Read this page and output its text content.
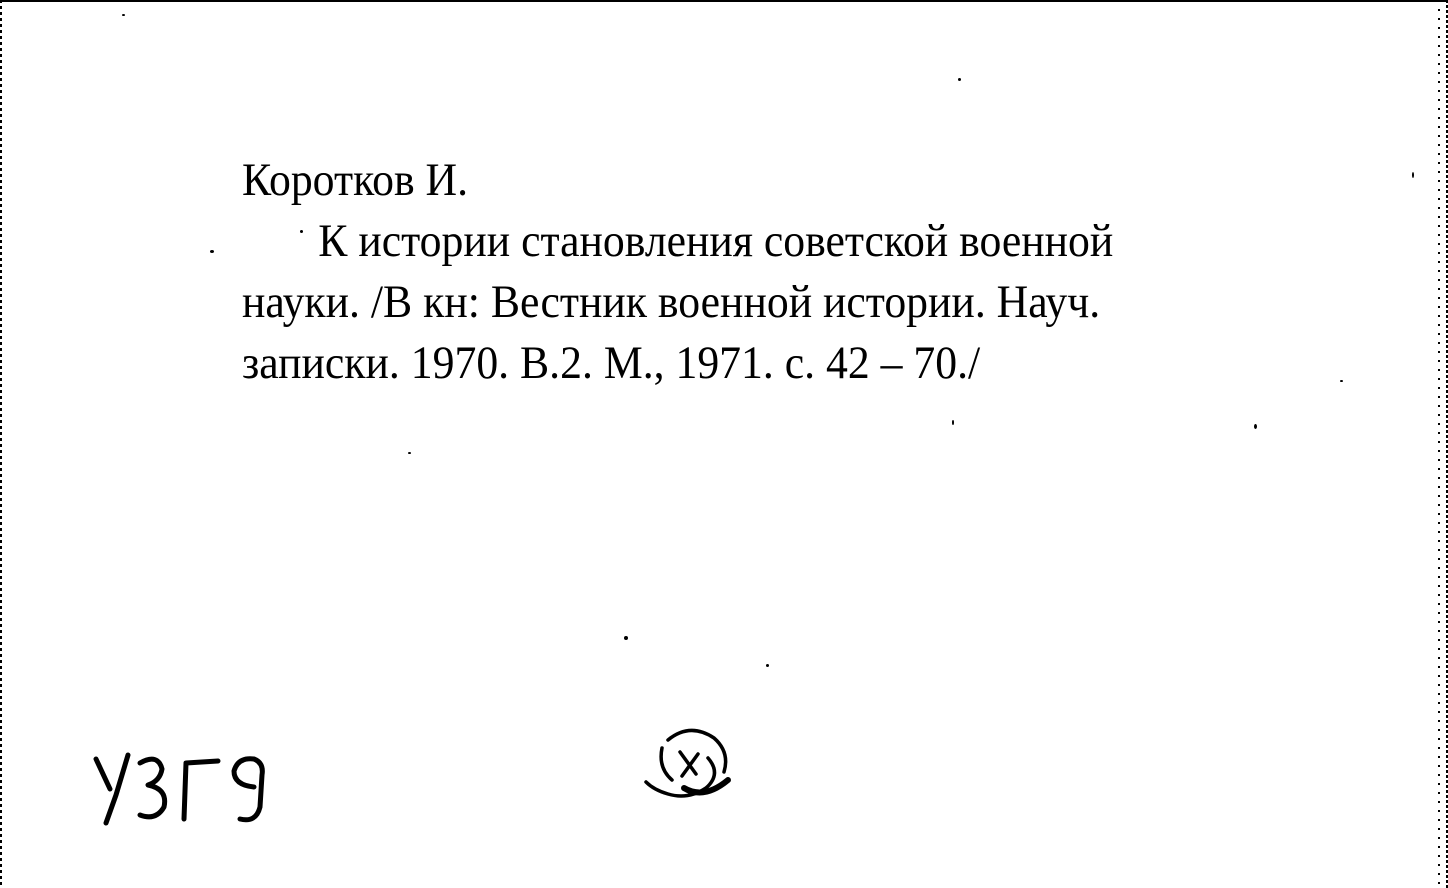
Коротков И.
К истории становления советской военной
науки. /В кн: Вестник военной истории. Науч.
записки. 1970. В.2. М., 1971. с. 42 – 70./
